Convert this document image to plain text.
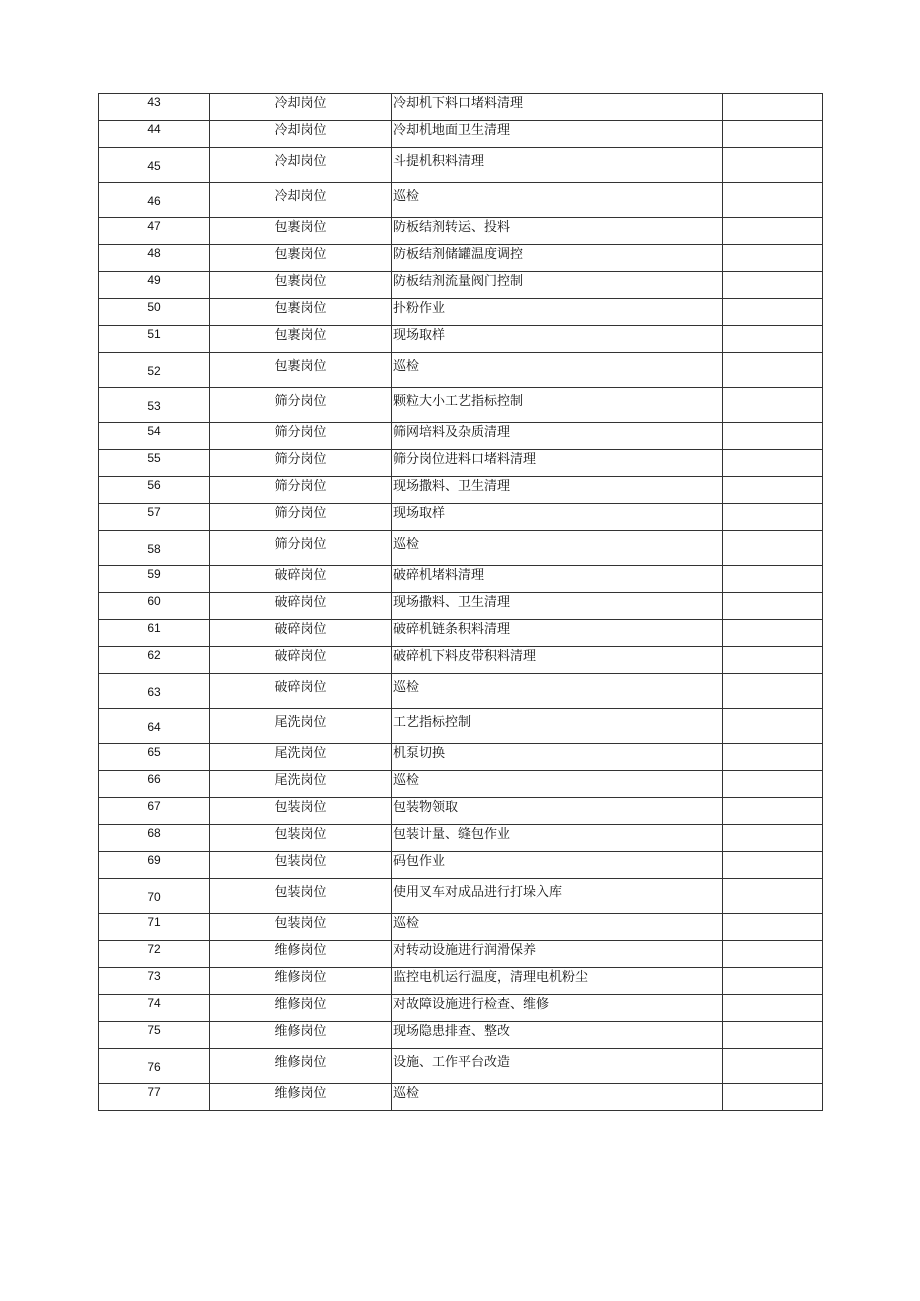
43	冷却岗位	冷却机下料口堵料清理	
44	冷却岗位	冷却机地面卫生清理	
45	冷却岗位	斗提机积料清理	
46	冷却岗位	巡检	
47	包裹岗位	防板结剂转运、投料	
48	包裹岗位	防板结剂储罐温度调控	
49	包裹岗位	防板结剂流量阀门控制	
50	包裹岗位	扑粉作业	
51	包裹岗位	现场取样	
52	包裹岗位	巡检	
53	筛分岗位	颗粒大小工艺指标控制	
54	筛分岗位	筛网培料及杂质清理	
55	筛分岗位	筛分岗位进料口堵料清理	
56	筛分岗位	现场撒料、卫生清理	
57	筛分岗位	现场取样	
58	筛分岗位	巡检	
59	破碎岗位	破碎机堵料清理	
60	破碎岗位	现场撒料、卫生清理	
61	破碎岗位	破碎机链条积料清理	
62	破碎岗位	破碎机下料皮带积料清理	
63	破碎岗位	巡检	
64	尾洗岗位	工艺指标控制	
65	尾洗岗位	机泵切换	
66	尾洗岗位	巡检	
67	包装岗位	包装物领取	
68	包装岗位	包装计量、缝包作业	
69	包装岗位	码包作业	
70	包装岗位	使用叉车对成品进行打垛入库	
71	包装岗位	巡检	
72	维修岗位	对转动设施进行润滑保养	
73	维修岗位	监控电机运行温度，清理电机粉尘	
74	维修岗位	对故障设施进行检查、维修	
75	维修岗位	现场隐患排查、整改	
76	维修岗位	设施、工作平台改造	
77	维修岗位	巡检	
